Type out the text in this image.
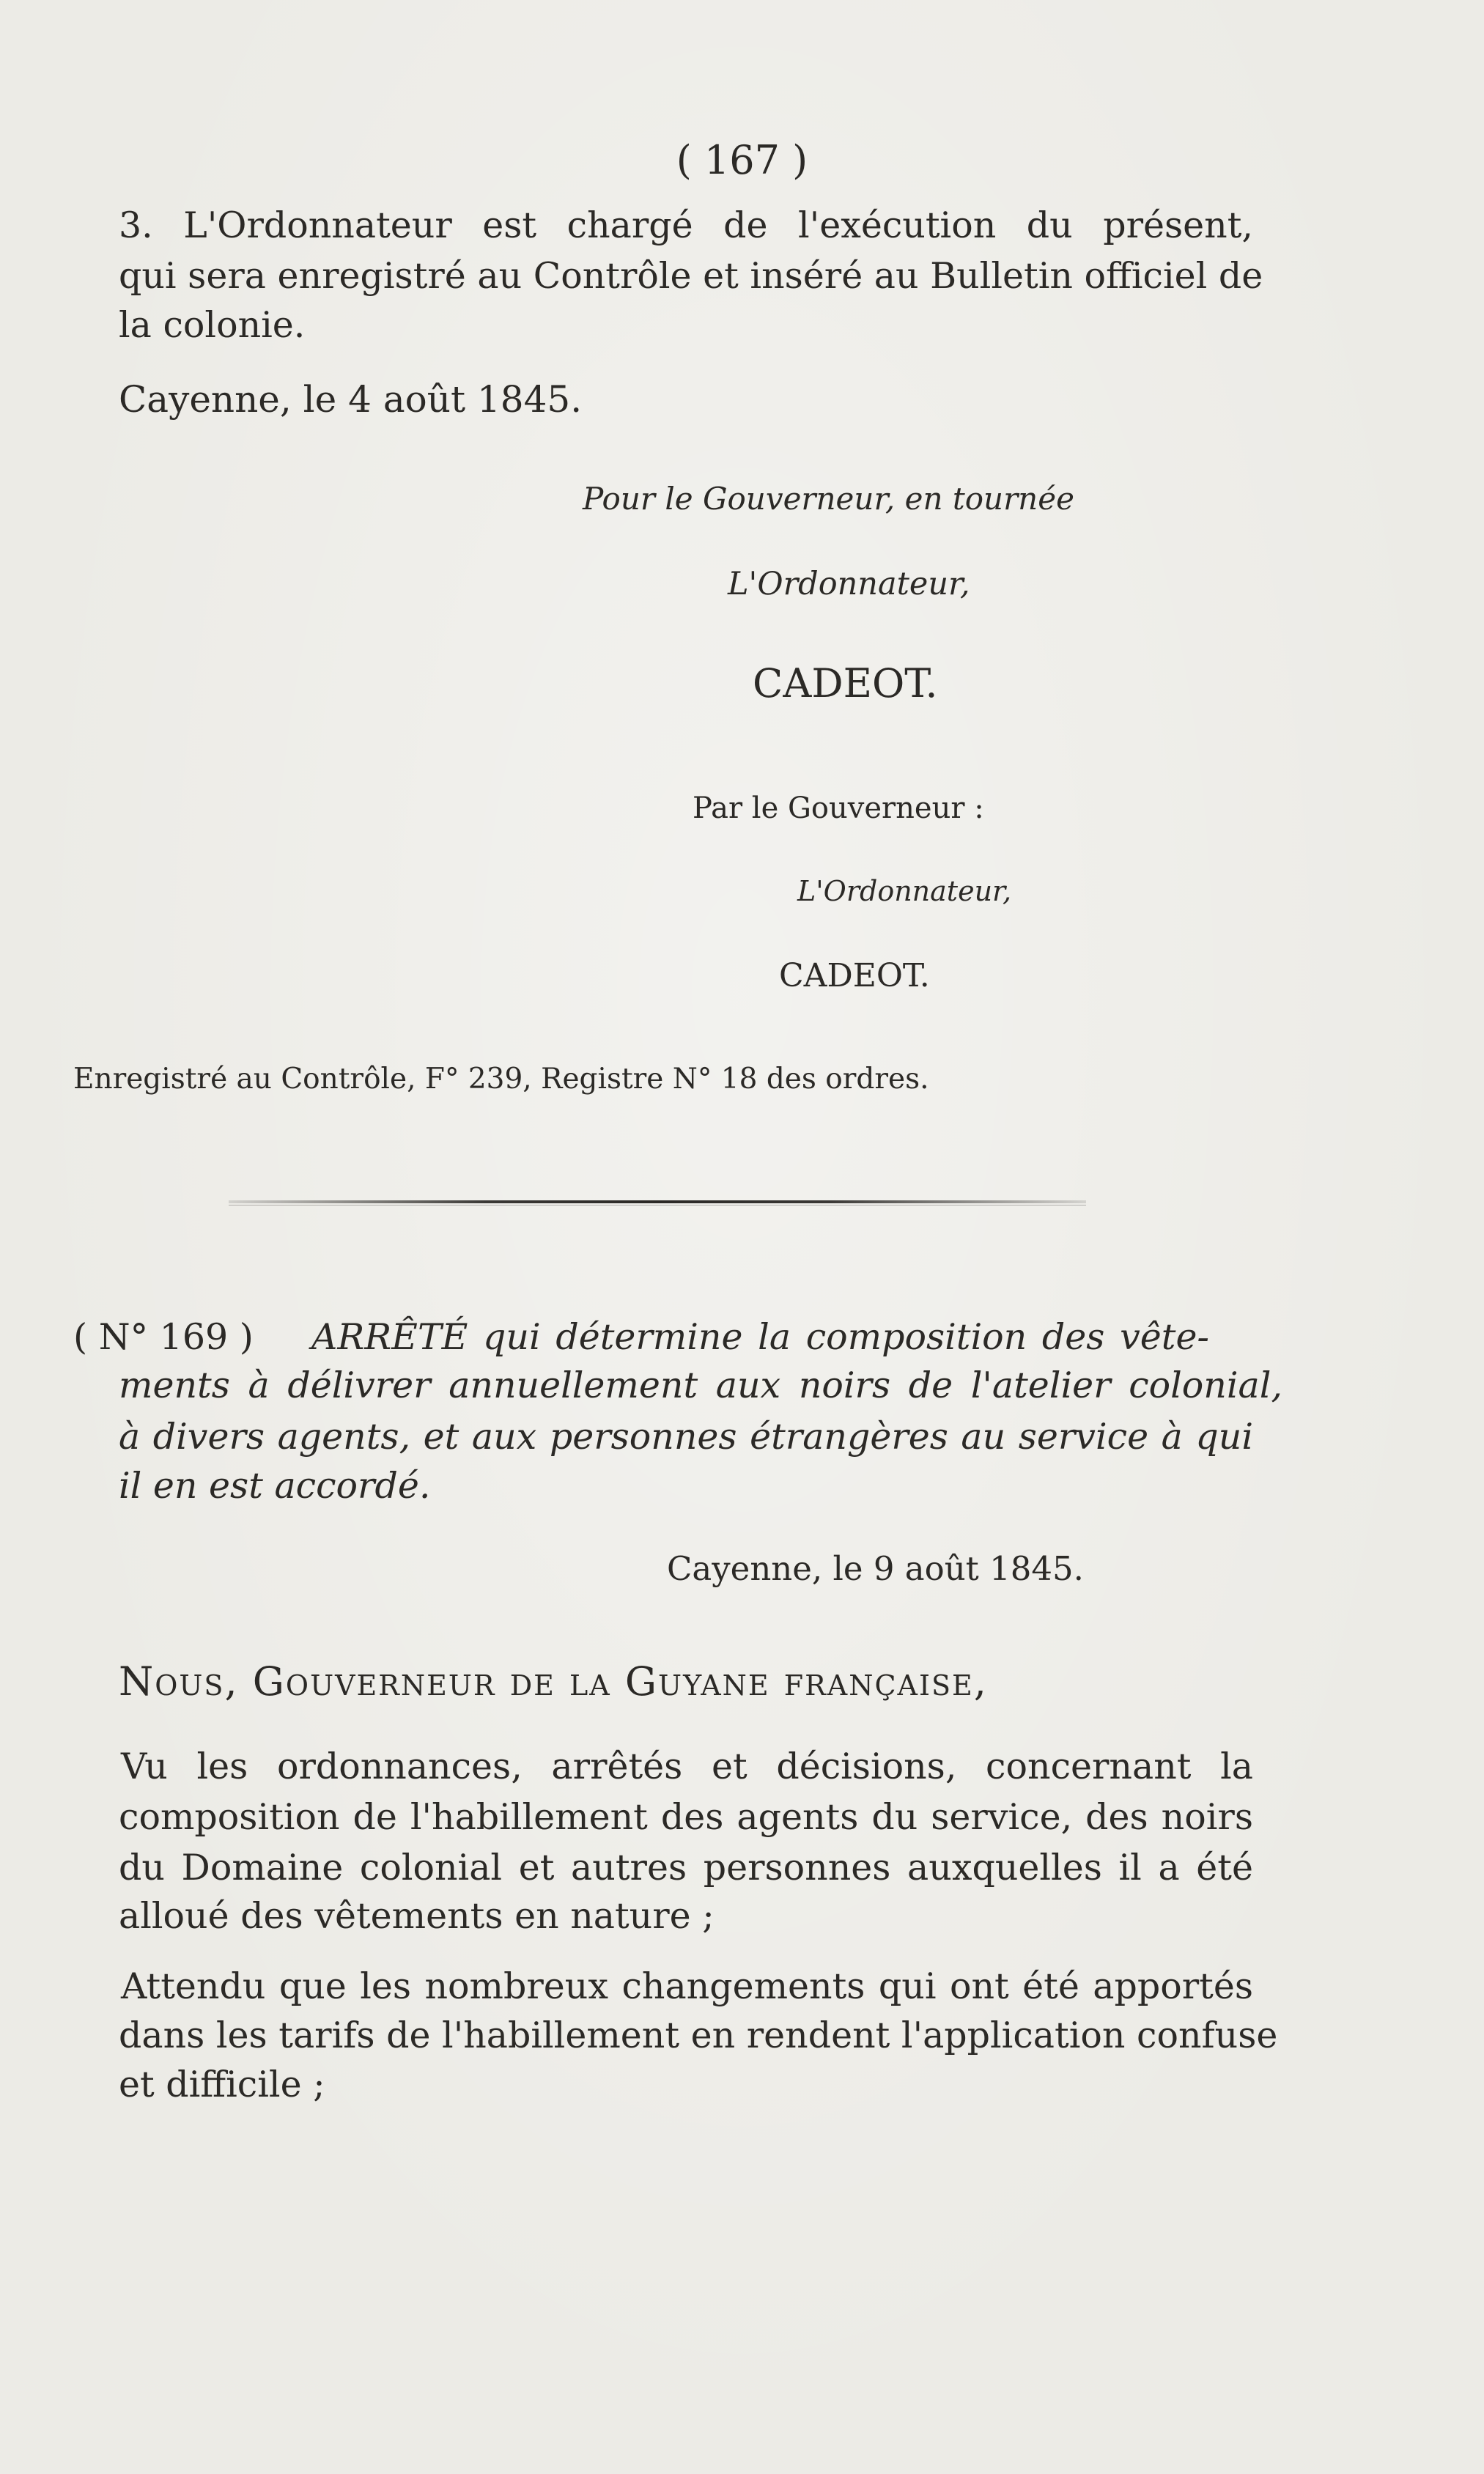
( 167 )
3. L'Ordonnateur est chargé de l'exécution du présent,
qui sera enregistré au Contrôle et inséré au Bulletin officiel de
la colonie.
Cayenne, le 4 août 1845.
Pour le Gouverneur, en tournée
L'Ordonnateur,
CADEOT.
Par le Gouverneur :
L'Ordonnateur,
CADEOT.
Enregistré au Contrôle, F° 239, Registre N° 18 des ordres.
( N° 169 ) ARRÊTÉ qui détermine la composition des vête-
ments à délivrer annuellement aux noirs de l'atelier colonial,
à divers agents, et aux personnes étrangères au service à qui
il en est accordé.
Cayenne, le 9 août 1845.
Nous, Gouverneur de la Guyane française,
Vu les ordonnances, arrêtés et décisions, concernant la
composition de l'habillement des agents du service, des noirs
du Domaine colonial et autres personnes auxquelles il a été
alloué des vêtements en nature ;
Attendu que les nombreux changements qui ont été apportés
dans les tarifs de l'habillement en rendent l'application confuse
et difficile ;
